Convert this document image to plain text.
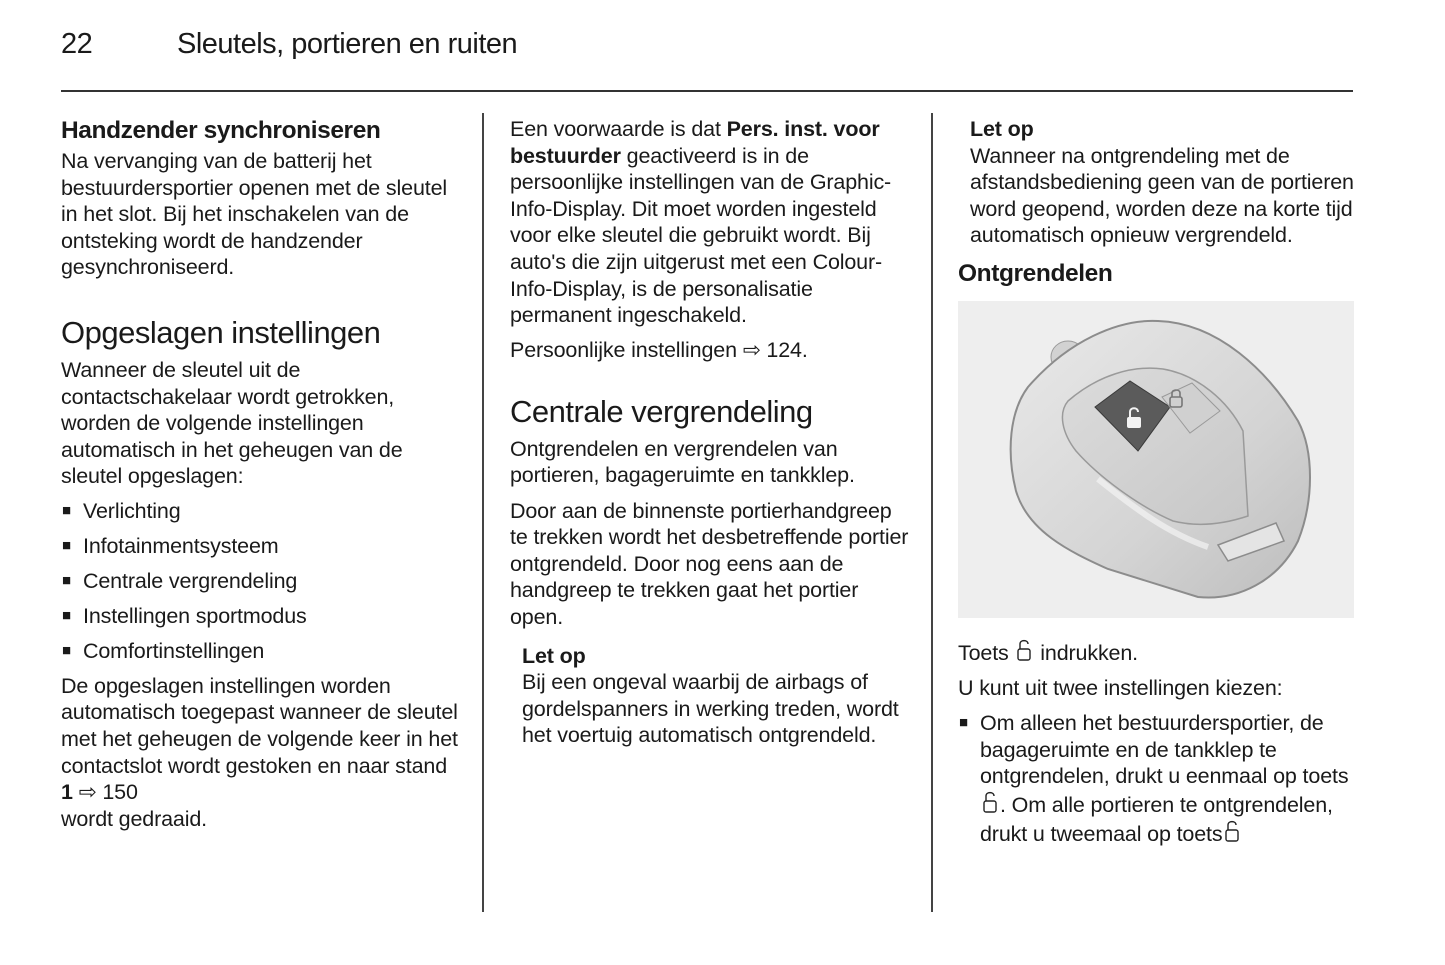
22	Sleutels, portieren en ruiten
Handzender synchroniseren

Na vervanging van de batterij het bestuurdersportier openen met de sleutel in het slot. Bij het inschakelen van de ontsteking wordt de handzender gesynchroniseerd.

Opgeslagen instellingen

Wanneer de sleutel uit de contactschakelaar wordt getrokken, worden de volgende instellingen automatisch in het geheugen van de sleutel opgeslagen:

■ Verlichting
■ Infotainmentsysteem
■ Centrale vergrendeling
■ Instellingen sportmodus
■ Comfortinstellingen

De opgeslagen instellingen worden automatisch toegepast wanneer de sleutel met het geheugen de volgende keer in het contactslot wordt gestoken en naar stand 1 ⇨ 150
wordt gedraaid.

Een voorwaarde is dat Pers. inst. voor bestuurder geactiveerd is in de persoonlijke instellingen van de Graphic-Info-Display. Dit moet worden ingesteld voor elke sleutel die gebruikt wordt. Bij auto's die zijn uitgerust met een Colour-Info-Display, is de personalisatie permanent ingeschakeld.

Persoonlijke instellingen ⇨ 124.

Centrale vergrendeling

Ontgrendelen en vergrendelen van portieren, bagageruimte en tankklep.

Door aan de binnenste portierhandgreep te trekken wordt het desbetreffende portier ontgrendeld. Door nog eens aan de handgreep te trekken gaat het portier open.

Let op
Bij een ongeval waarbij de airbags of gordelspanners in werking treden, wordt het voertuig automatisch ontgrendeld.
Let op
Wanneer na ontgrendeling met de afstandsbediening geen van de portieren word geopend, worden deze na korte tijd automatisch opnieuw vergrendeld.
Ontgrendelen

Toets indrukken.

U kunt uit twee instellingen kiezen:

■ Om alleen het bestuurdersportier, de bagageruimte en de tankklep te ontgrendelen, drukt u eenmaal op toets. Om alle portieren te ontgrendelen, drukt u tweemaal op toets
